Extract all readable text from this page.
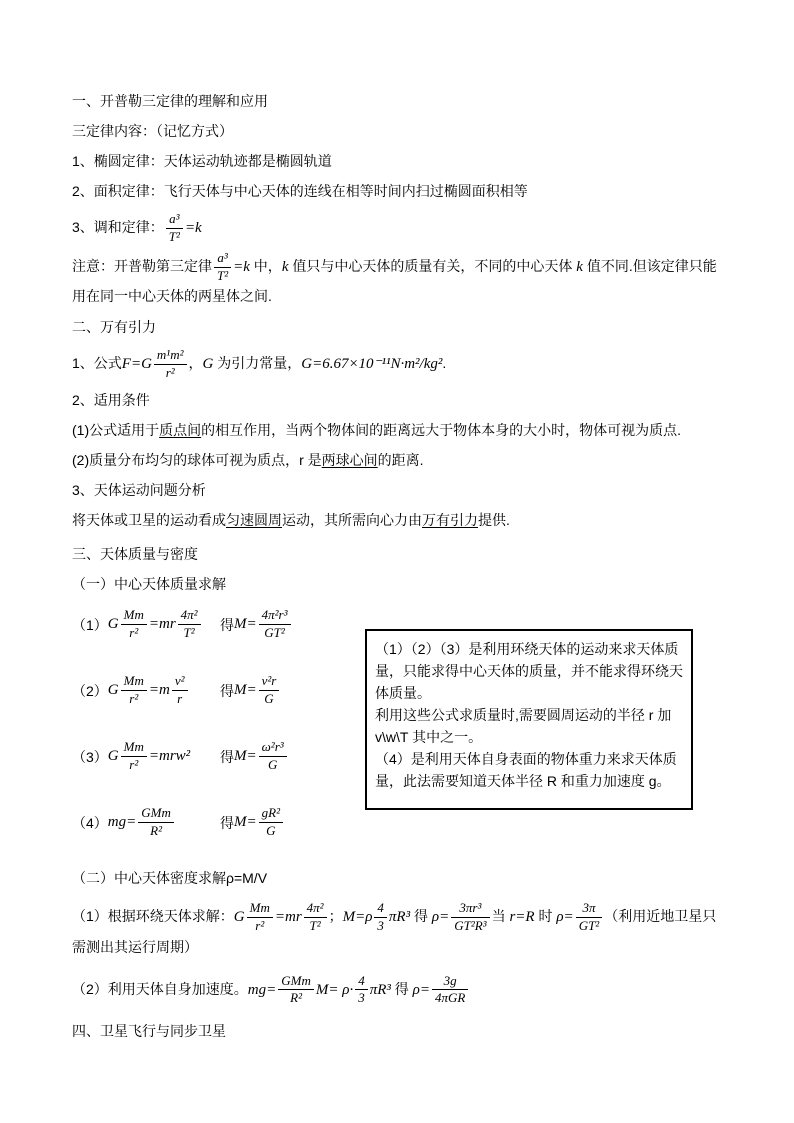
一、开普勒三定律的理解和应用

三定律内容：（记忆方式）

1、椭圆定律：天体运动轨迹都是椭圆轨道

2、面积定律：飞行天体与中心天体的连线在相等时间内扫过椭圆面积相等

3、调和定律： $\frac{\text{a³}}{\text{T²}} =k$

注意：开普勒第三定律 $\frac{\text{a³}}{\text{T²}} =k$ 中，k 值只与中心天体的质量有关，不同的中心天体 k 值不同.但该定律只能用在同一中心天体的两星体之间.

二、万有引力

1、公式$F=G \frac{\text{m¹m²}}{\text{r²}}$ ，G 为引力常量，G=6.67×10⁻¹¹N·m²/kg².

2、适用条件

(1)公式适用于质点间的相互作用，当两个物体间的距离远大于物体本身的大小时，物体可视为质点.

(2)质量分布均匀的球体可视为质点，r 是两球心间的距离.

3、天体运动问题分析

将天体或卫星的运动看成匀速圆周运动，其所需向心力由万有引力提供.

三、天体质量与密度

（一）中心天体质量求解

（1） G $\frac{Mm}{\text{r²}} =mr \frac{\text{4π²}}{\text{T²}}$ 得 $M= \frac{\text{4π²r³}}{\text{GT²}}$
（2） G $\frac{Mm}{\text{r²}} =m \frac{\text{v²}}{r}$ 得 $M= \frac{\text{v²r}}{G}$
（3） G $\frac{Mm}{\text{r²}} =mrw^2$ 得 $M= \frac{\text{ω²r³}}{G}$
（4） $mg= \frac{\text{GMm}}{\text{R²}}$	得 $M= \frac{\text{gR²}}{G}$

（1）（2）（3）是利用环绕天体的运动来求天体质量，只能求得中心天体的质量，并不能求得环绕天体质量。

利用这些公式求质量时,需要圆周运动的半径 r 加v\w\T 其中之一。

（4）是利用天体自身表面的物体重力来求天体质量，此法需要知道天体半径 R 和重力加速度 g。

（二）中心天体密度求解ρ=M/V

（1）根据环绕天体求解：G $\frac{Mm}{\text{r²}} =mr \frac{\text{4π²}}{\text{T²}}$ ；$M=\rho \frac{4}{3} \pi R^3$ 得 $\rho= \frac{\text{3πr³}}{\text{GT²R³}}$ 当 r=R 时 $\rho= \frac{3\pi}{\text{GT²}}$ （利用近地卫星只需测出其运行周期）

（2）利用天体自身加速度。$mg= \frac{\text{GMm}}{\text{R²}} M= \rho\cdot \frac{4}{3} \pi R^3$ 得 $\rho= \frac{3g}{\text{4πGR}}$

四、卫星飞行与同步卫星
